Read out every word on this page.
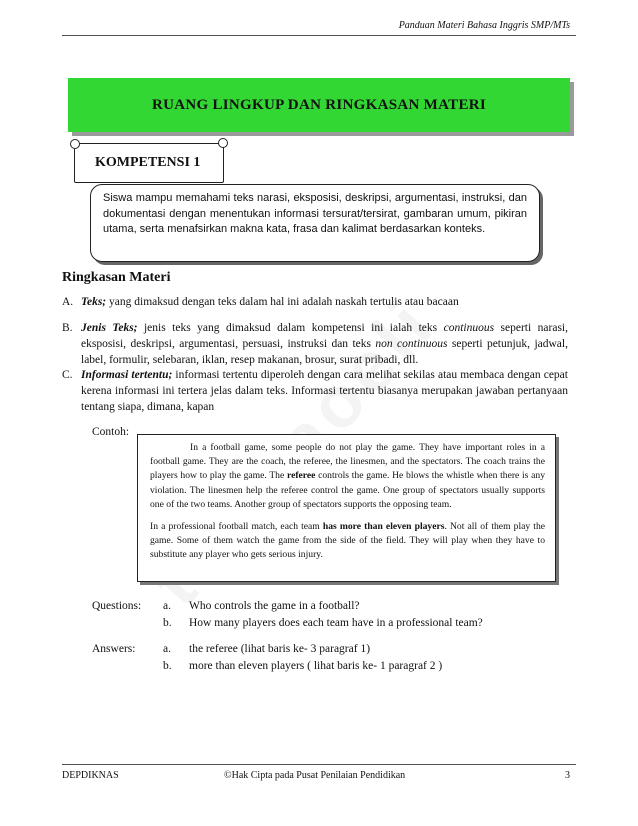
Panduan Materi Bahasa Inggris SMP/MTs
RUANG LINGKUP DAN RINGKASAN MATERI
KOMPETENSI 1
Siswa mampu memahami teks narasi, eksposisi, deskripsi, argumentasi, instruksi, dan dokumentasi dengan menentukan informasi tersurat/tersirat, gambaran umum, pikiran utama, serta menafsirkan makna kata, frasa dan kalimat berdasarkan konteks.
Ringkasan Materi
A. Teks; yang dimaksud dengan teks dalam hal ini adalah naskah tertulis atau bacaan
B. Jenis Teks; jenis teks yang dimaksud dalam kompetensi ini ialah teks continuous seperti narasi, eksposisi, deskripsi, argumentasi, persuasi, instruksi dan teks non continuous seperti petunjuk, jadwal, label, formulir, selebaran, iklan, resep makanan, brosur, surat pribadi, dll.
C. Informasi tertentu; informasi tertentu diperoleh dengan cara melihat sekilas atau membaca dengan cepat kerena informasi ini tertera jelas dalam teks. Informasi tertentu biasanya merupakan jawaban pertanyaan tentang siapa, dimana, kapan
Contoh:

In a football game, some people do not play the game. They have important roles in a football game. They are the coach, the referee, the linesmen, and the spectators. The coach trains the players how to play the game. The referee controls the game. He blows the whistle when there is any violation. The linesmen help the referee control the game. One group of spectators usually supports one of the two teams. Another group of spectators supports the opposing team.

In a professional football match, each team has more than eleven players. Not all of them play the game. Some of them watch the game from the side of the field. They will play when they have to substitute any player who gets serious injury.

Questions: a. Who controls the game in a football?
b. How many players does each team have in a professional team?
Answers: a. the referee (lihat baris ke- 3 paragraf 1)
b. more than eleven players ( lihat baris ke- 1 paragraf 2 )
DEPDIKNAS	©Hak Cipta pada Pusat Penilaian Pendidikan	3
